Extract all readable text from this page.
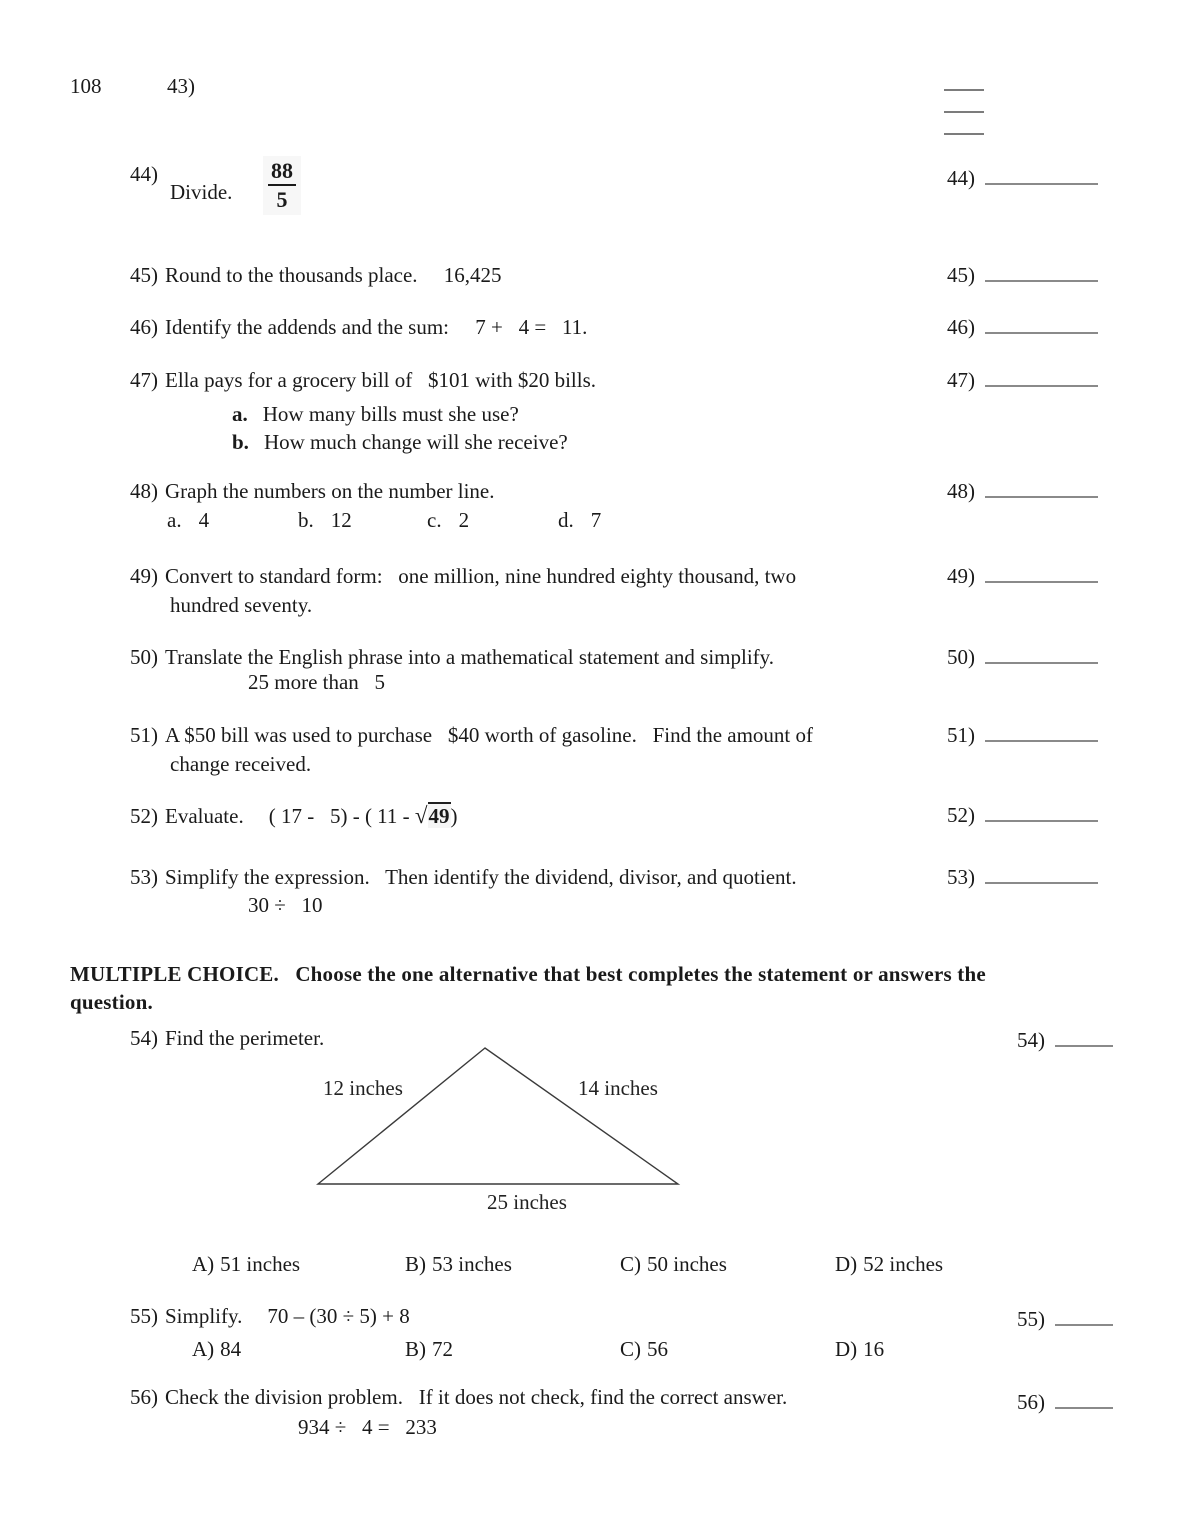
108	43)
44)
Divide. $\frac{88}{5}$	44)
45) Round to the thousands place.     16,425	45)
46) Identify the addends and the sum:     7 +   4 =   11.	46)
47) Ella pays for a grocery bill of   $101 with $20 bills.
a. How many bills must she use?
b. How much change will she receive?
47)
48) Graph the numbers on the number line.
a. 4	b. 12	c. 2	d. 7
48)
49) Convert to standard form:   one million, nine hundred eighty thousand, two
hundred seventy.
49)
50) Translate the English phrase into a mathematical statement and simplify.
25 more than   5
50)
51) A $50 bill was used to purchase   $40 worth of gasoline.   Find the amount of
change received.
51)
52) Evaluate. ( 17 -   5) - ( 11 - √49)	52)
53) Simplify the expression.   Then identify the dividend, divisor, and quotient.
30 ÷   10
53)
MULTIPLE CHOICE.   Choose the one alternative that best completes the statement or answers the
question.
54) Find the perimeter.	54)
12 inches	14 inches
25 inches
A) 51 inches	B) 53 inches	C) 50 inches	D) 52 inches
55) Simplify. 70 – (30 ÷ 5) + 8	55)
A) 84	B) 72	C) 56	D) 16
56) Check the division problem.   If it does not check, find the correct answer.
934 ÷   4 =   233
56)
